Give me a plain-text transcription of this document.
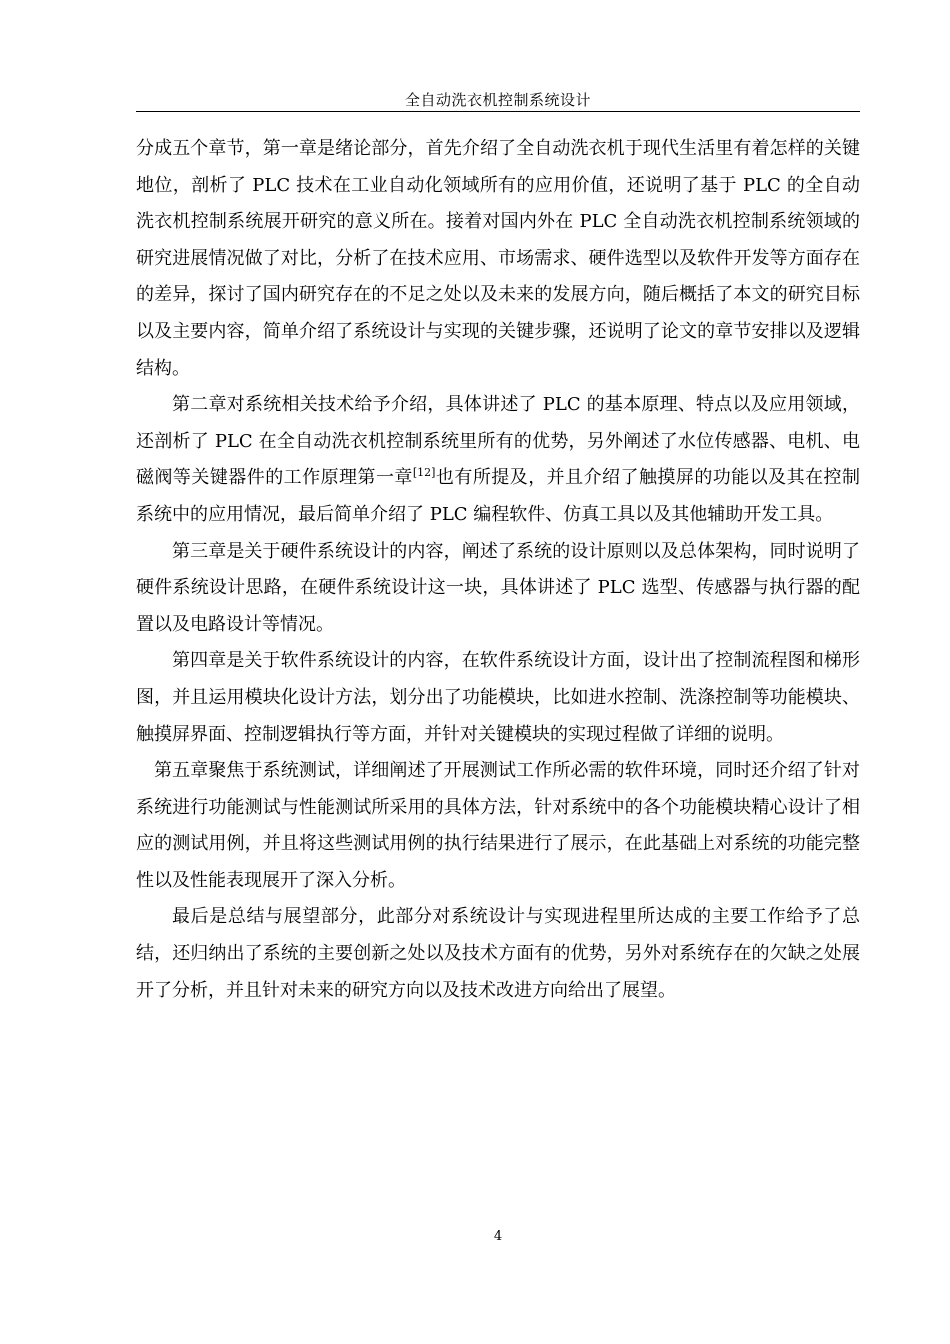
全自动洗衣机控制系统设计

分成五个章节，第一章是绪论部分，首先介绍了全自动洗衣机于现代生活里有着怎样的关键地位，剖析了 PLC 技术在工业自动化领域所有的应用价值，还说明了基于 PLC 的全自动洗衣机控制系统展开研究的意义所在。接着对国内外在 PLC 全自动洗衣机控制系统领域的研究进展情况做了对比，分析了在技术应用、市场需求、硬件选型以及软件开发等方面存在的差异，探讨了国内研究存在的不足之处以及未来的发展方向，随后概括了本文的研究目标以及主要内容，简单介绍了系统设计与实现的关键步骤，还说明了论文的章节安排以及逻辑结构。

第二章对系统相关技术给予介绍，具体讲述了 PLC 的基本原理、特点以及应用领域，还剖析了 PLC 在全自动洗衣机控制系统里所有的优势，另外阐述了水位传感器、电机、电磁阀等关键器件的工作原理第一章[12]也有所提及，并且介绍了触摸屏的功能以及其在控制系统中的应用情况，最后简单介绍了 PLC 编程软件、仿真工具以及其他辅助开发工具。

第三章是关于硬件系统设计的内容，阐述了系统的设计原则以及总体架构，同时说明了硬件系统设计思路，在硬件系统设计这一块，具体讲述了 PLC 选型、传感器与执行器的配置以及电路设计等情况。

第四章是关于软件系统设计的内容，在软件系统设计方面，设计出了控制流程图和梯形图，并且运用模块化设计方法，划分出了功能模块，比如进水控制、洗涤控制等功能模块、触摸屏界面、控制逻辑执行等方面，并针对关键模块的实现过程做了详细的说明。

第五章聚焦于系统测试，详细阐述了开展测试工作所必需的软件环境，同时还介绍了针对系统进行功能测试与性能测试所采用的具体方法，针对系统中的各个功能模块精心设计了相应的测试用例，并且将这些测试用例的执行结果进行了展示，在此基础上对系统的功能完整性以及性能表现展开了深入分析。

最后是总结与展望部分，此部分对系统设计与实现进程里所达成的主要工作给予了总结，还归纳出了系统的主要创新之处以及技术方面有的优势，另外对系统存在的欠缺之处展开了分析，并且针对未来的研究方向以及技术改进方向给出了展望。

4
